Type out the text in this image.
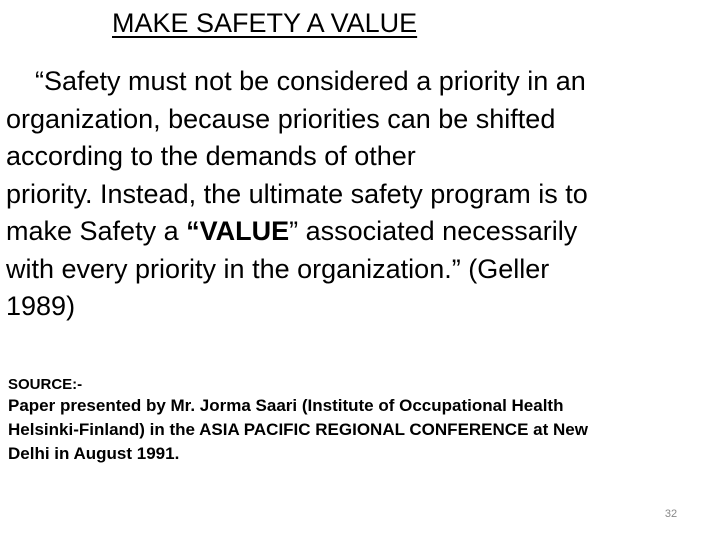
MAKE SAFETY A VALUE
“Safety must not be considered a priority in an
organization, because priorities can be shifted
according to the demands of other
priority. Instead, the ultimate safety program is to
make Safety a “VALUE” associated necessarily
with every priority in the organization.” (Geller
1989)
SOURCE:-
Paper presented by Mr. Jorma Saari (Institute of Occupational Health
Helsinki-Finland) in the ASIA PACIFIC REGIONAL CONFERENCE at New
Delhi in August 1991.
32
